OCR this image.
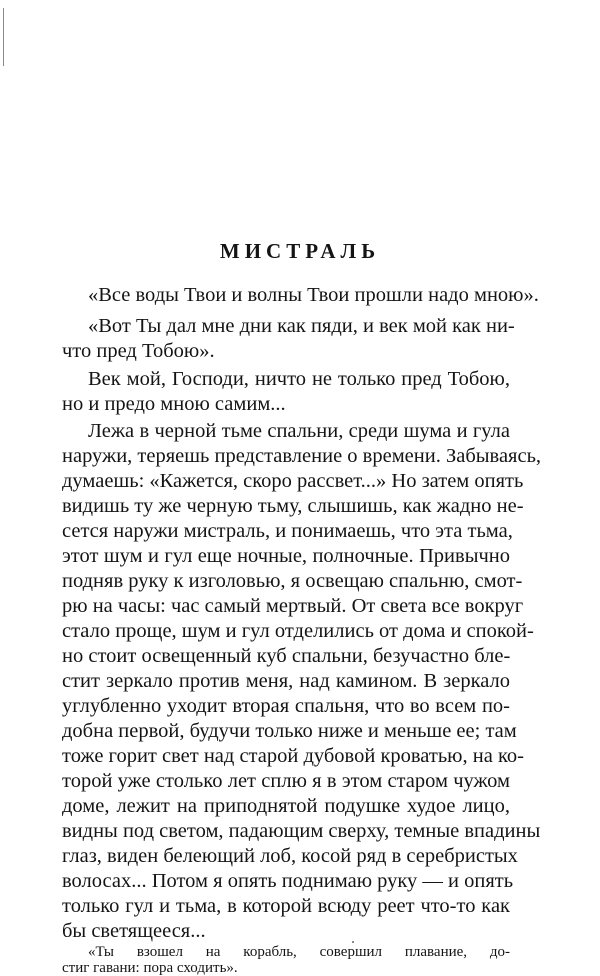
МИСТРАЛЬ
«Все воды Твои и волны Твои прошли надо мною».
«Вот Ты дал мне дни как пяди, и век мой как ни-
что пред Тобою».
Век мой, Господи, ничто не только пред Тобою,
но и предо мною самим...
Лежа в черной тьме спальни, среди шума и гула
наружи, теряешь представление о времени. Забываясь,
думаешь: «Кажется, скоро рассвет...» Но затем опять
видишь ту же черную тьму, слышишь, как жадно не-
сется наружи мистраль, и понимаешь, что эта тьма,
этот шум и гул еще ночные, полночные. Привычно
подняв руку к изголовью, я освещаю спальню, смот-
рю на часы: час самый мертвый. От света все вокруг
стало проще, шум и гул отделились от дома и спокой-
но стоит освещенный куб спальни, безучастно бле-
стит зеркало против меня, над камином. В зеркало
углубленно уходит вторая спальня, что во всем по-
добна первой, будучи только ниже и меньше ее; там
тоже горит свет над старой дубовой кроватью, на ко-
торой уже столько лет сплю я в этом старом чужом
доме, лежит на приподнятой подушке худое лицо,
видны под светом, падающим сверху, темные впадины
глаз, виден белеющий лоб, косой ряд в серебристых
волосах... Потом я опять поднимаю руку — и опять
только гул и тьма, в которой всюду реет что-то как
бы светящееся...
«Ты взошел на корабль, совершил плавание, до-
стиг гавани: пора сходить».
